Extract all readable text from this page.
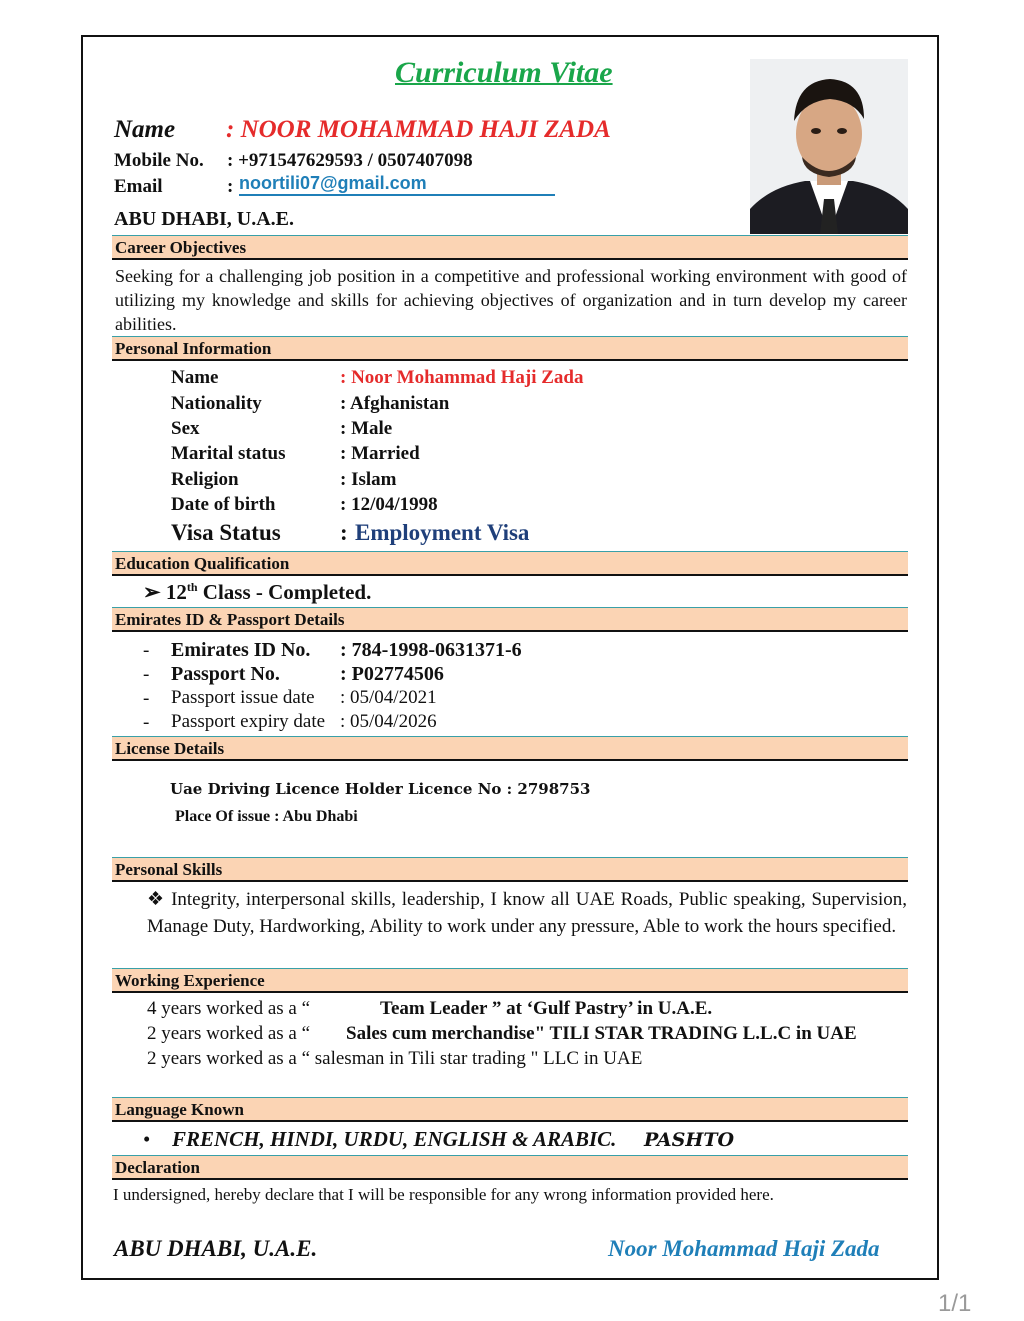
Curriculum Vitae
Name : NOOR MOHAMMAD HAJI ZADA
Mobile No. : +971547629593 / 0507407098
Email	: noortili07@gmail.com
ABU DHABI, U.A.E.
Career Objectives
Seeking for a challenging job position in a competitive and professional working environment with good of utilizing my knowledge and skills for achieving objectives of organization and in turn develop my career abilities.
Personal Information
Name	: Noor Mohammad Haji Zada
Nationality	: Afghanistan
Sex	: Male
Marital status	: Married
Religion	: Islam
Date of birth	: 12/04/1998
Visa Status	: Employment Visa
Education Qualification
➢ 12th Class - Completed.
Emirates ID & Passport Details
- Emirates ID No. : 784-1998-0631371-6
- Passport No.	: P02774506
- Passport issue date : 05/04/2021
- Passport expiry date : 05/04/2026
License Details
Uae Driving Licence Holder Licence No : 2798753
Place Of issue : Abu Dhabi
Personal Skills
❖ Integrity, interpersonal skills, leadership, I know all UAE Roads, Public speaking, Supervision, Manage Duty, Hardworking, Ability to work under any pressure, Able to work the hours specified.
Working Experience
4 years worked as a “	Team Leader ” at ‘Gulf Pastry’ in U.A.E.
2 years worked as a “ Sales cum merchandise" TILI STAR TRADING L.L.C in UAE
2 years worked as a “ salesman in Tili star trading " LLC in UAE
Language Known
• FRENCH, HINDI, URDU, ENGLISH & ARABIC. PASHTO
Declaration
I undersigned, hereby declare that I will be responsible for any wrong information provided here.
ABU DHABI, U.A.E.	Noor Mohammad Haji Zada
1/1
